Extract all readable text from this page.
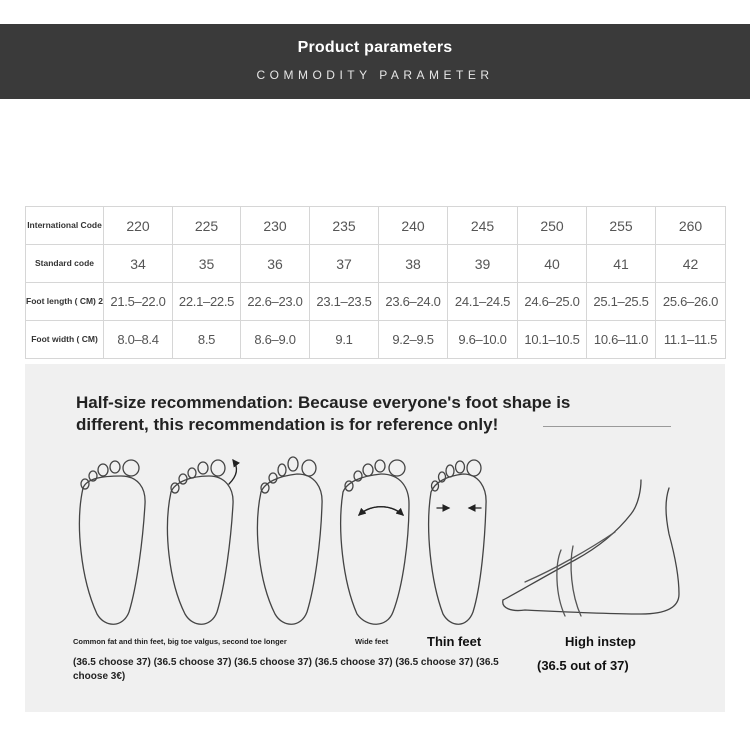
Product parameters
COMMODITY PARAMETER
International Code	220	225	230	235	240	245	250	255	260
Standard code	34	35	36	37	38	39	40	41	42
Foot length ( CM) 2	21.5–22.0	22.1–22.5	22.6–23.0	23.1–23.5	23.6–24.0	24.1–24.5	24.6–25.0	25.1–25.5	25.6–26.0
Foot width ( CM)	8.0–8.4	8.5	8.6–9.0	9.1	9.2–9.5	9.6–10.0	10.1–10.5	10.6–11.0	11.1–11.5
Half-size recommendation: Because everyone's foot shape is different, this recommendation is for reference only!
Common fat and thin feet, big toe valgus, second toe longer	Wide feet	Thin feet	High instep
(36.5 choose 37) (36.5 choose 37) (36.5 choose 37) (36.5 choose 37) (36.5 choose 37) (36.5 choose 3€)
(36.5 out of 37)
